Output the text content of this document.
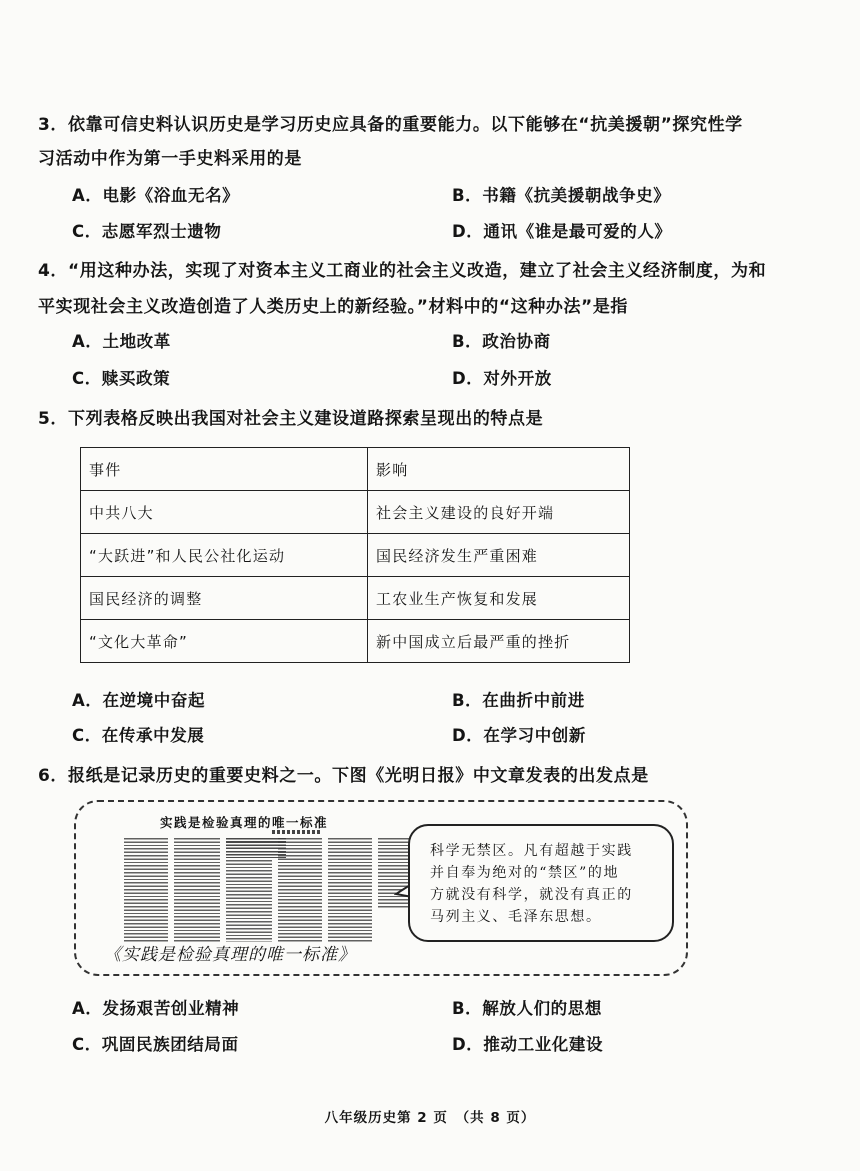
3．依靠可信史料认识历史是学习历史应具备的重要能力。以下能够在“抗美援朝”探究性学
习活动中作为第一手史料采用的是
A．电影《浴血无名》	B．书籍《抗美援朝战争史》
C．志愿军烈士遗物	D．通讯《谁是最可爱的人》
4．“用这种办法，实现了对资本主义工商业的社会主义改造，建立了社会主义经济制度，为和
平实现社会主义改造创造了人类历史上的新经验。”材料中的“这种办法”是指
A．土地改革	B．政治协商
C．赎买政策	D．对外开放
5．下列表格反映出我国对社会主义建设道路探索呈现出的特点是
事件	影响
中共八大	社会主义建设的良好开端
“大跃进”和人民公社化运动	国民经济发生严重困难
国民经济的调整	工农业生产恢复和发展
“文化大革命”	新中国成立后最严重的挫折
A．在逆境中奋起	B．在曲折中前进
C．在传承中发展	D．在学习中创新
6．报纸是记录历史的重要史料之一。下图《光明日报》中文章发表的出发点是
实践是检验真理的唯一标准
《实践是检验真理的唯一标准》
科学无禁区。凡有超越于实践
并自奉为绝对的“禁区”的地
方就没有科学，就没有真正的
马列主义、毛泽东思想。
A．发扬艰苦创业精神	B．解放人们的思想
C．巩固民族团结局面	D．推动工业化建设
八年级历史第 2 页　（共 8 页）
